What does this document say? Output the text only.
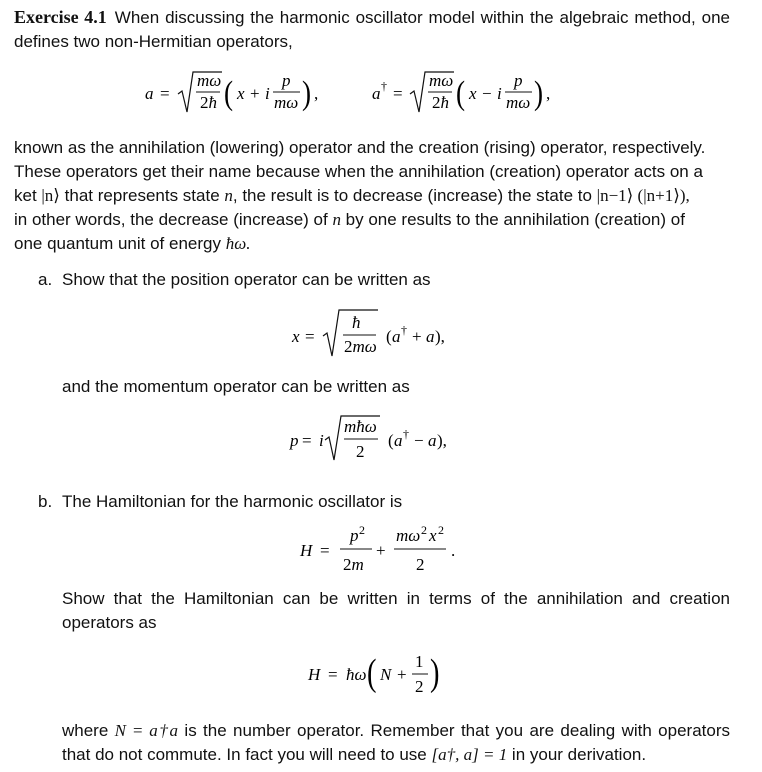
Exercise 4.1 When discussing the harmonic oscillator model within the algebraic method, one defines two non-Hermitian operators,

a =
mω
2ħ ( x + i
p
mω ) ,	a † =
mω
2ħ ( x − i
p
mω ) ,

known as the annihilation (lowering) operator and the creation (rising) operator, respectively.

These operators get their name because when the annihilation (creation) operator acts on a

ket |n⟩ that represents state n, the result is to decrease (increase) the state to |n−1⟩ (|n+1⟩),

in other words, the decrease (increase) of n by one results to the annihilation (creation) of

one quantum unit of energy ħω.

a. Show that the position operator can be written as
x =
ħ
2mω
( a † + a ),
and the momentum operator can be written as
p = i
mħω
2
( a † − a ),
b. The Hamiltonian for the harmonic oscillator is
H =
p 2
2m
+
mω 2 x 2
2
.
Show that the Hamiltonian can be written in terms of the annihilation and creation operators as
H = ħω ( N +
1
2 )
where N = a†a is the number operator. Remember that you are dealing with operators that do not commute. In fact you will need to use [a†, a] = 1 in your derivation.
